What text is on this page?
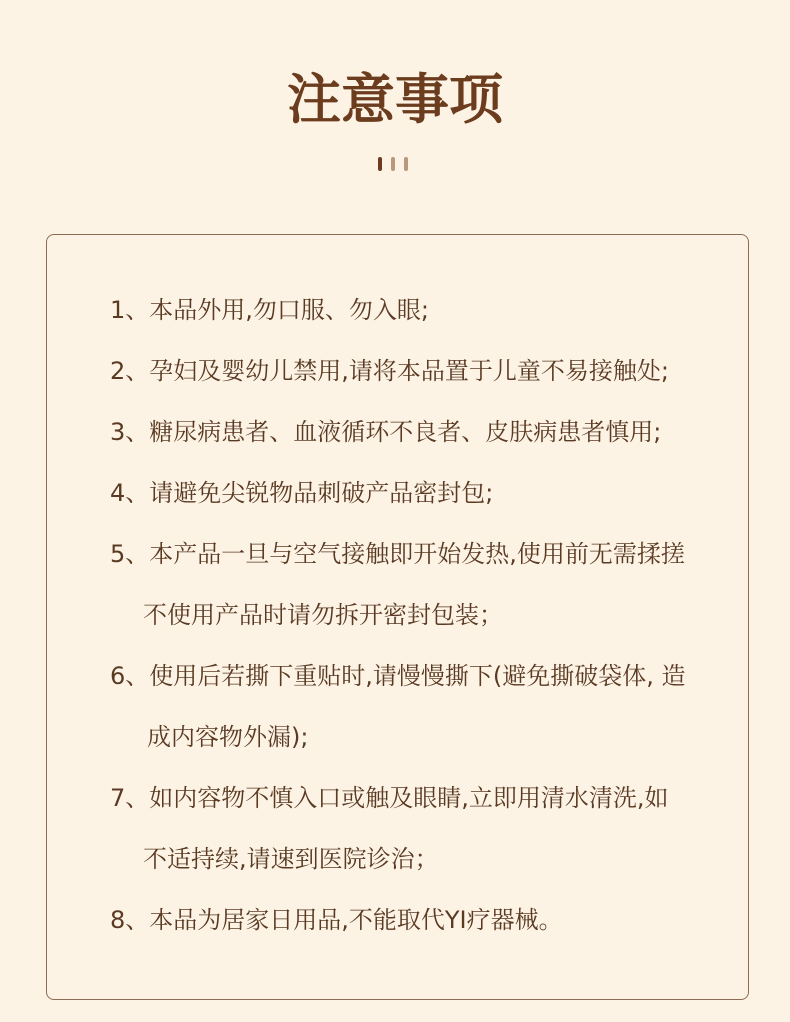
注意事项

1、本品外用,勿口服、勿入眼;

2、孕妇及婴幼儿禁用,请将本品置于儿童不易接触处;

3、糖尿病患者、血液循环不良者、皮肤病患者慎用;

4、请避免尖锐物品刺破产品密封包;

5、本产品一旦与空气接触即开始发热,使用前无需揉搓

不使用产品时请勿拆开密封包装；

6、使用后若撕下重贴时,请慢慢撕下(避免撕破袋体, 造

成内容物外漏);

7、如内容物不慎入口或触及眼睛,立即用清水清洗,如

不适持续,请速到医院诊治；

8、本品为居家日用品,不能取代YI疗器械。
